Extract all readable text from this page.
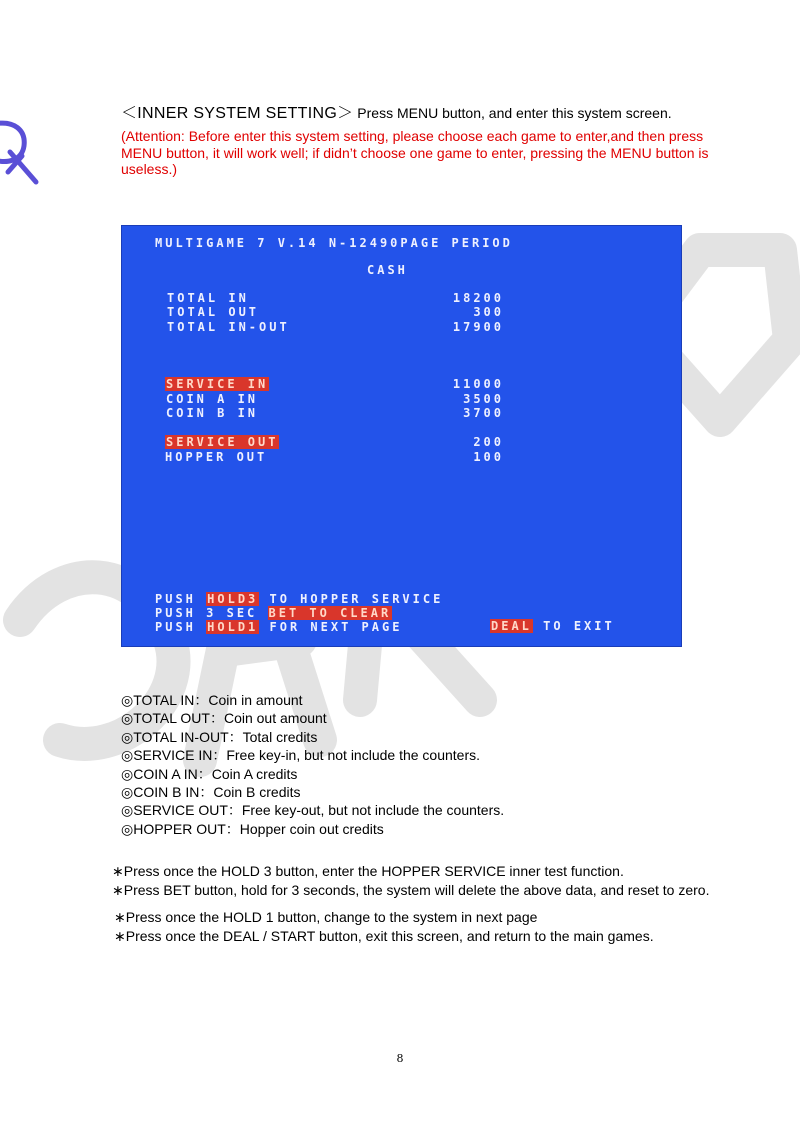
＜INNER SYSTEM SETTING＞ Press MENU button, and enter this system screen.
(Attention: Before enter this system setting, please choose each game to enter,and then press MENU button, it will work well; if didn’t choose one game to enter, pressing the MENU button is useless.)
MULTIGAME 7 V.14 N-12490PAGE PERIOD
CASH
TOTAL IN	18200
TOTAL OUT	300
TOTAL IN-OUT	17900
SERVICE IN	11000
COIN A IN	3500
COIN B IN	3700
SERVICE OUT	200
HOPPER OUT	100
PUSH HOLD3 TO HOPPER SERVICE
PUSH 3 SEC BET TO CLEAR
PUSH HOLD1 FOR NEXT PAGE	DEAL TO EXIT
◎TOTAL IN：Coin in amount
◎TOTAL OUT：Coin out amount
◎TOTAL IN-OUT：Total credits
◎SERVICE IN：Free key-in, but not include the counters.
◎COIN A IN：Coin A credits
◎COIN B IN：Coin B credits
◎SERVICE OUT：Free key-out, but not include the counters.
◎HOPPER OUT：Hopper coin out credits
∗Press once the HOLD 3 button, enter the HOPPER SERVICE inner test function.
∗Press BET button, hold for 3 seconds, the system will delete the above data, and reset to zero.
∗Press once the HOLD 1 button, change to the system in next page
∗Press once the DEAL / START button, exit this screen, and return to the main games.
8
